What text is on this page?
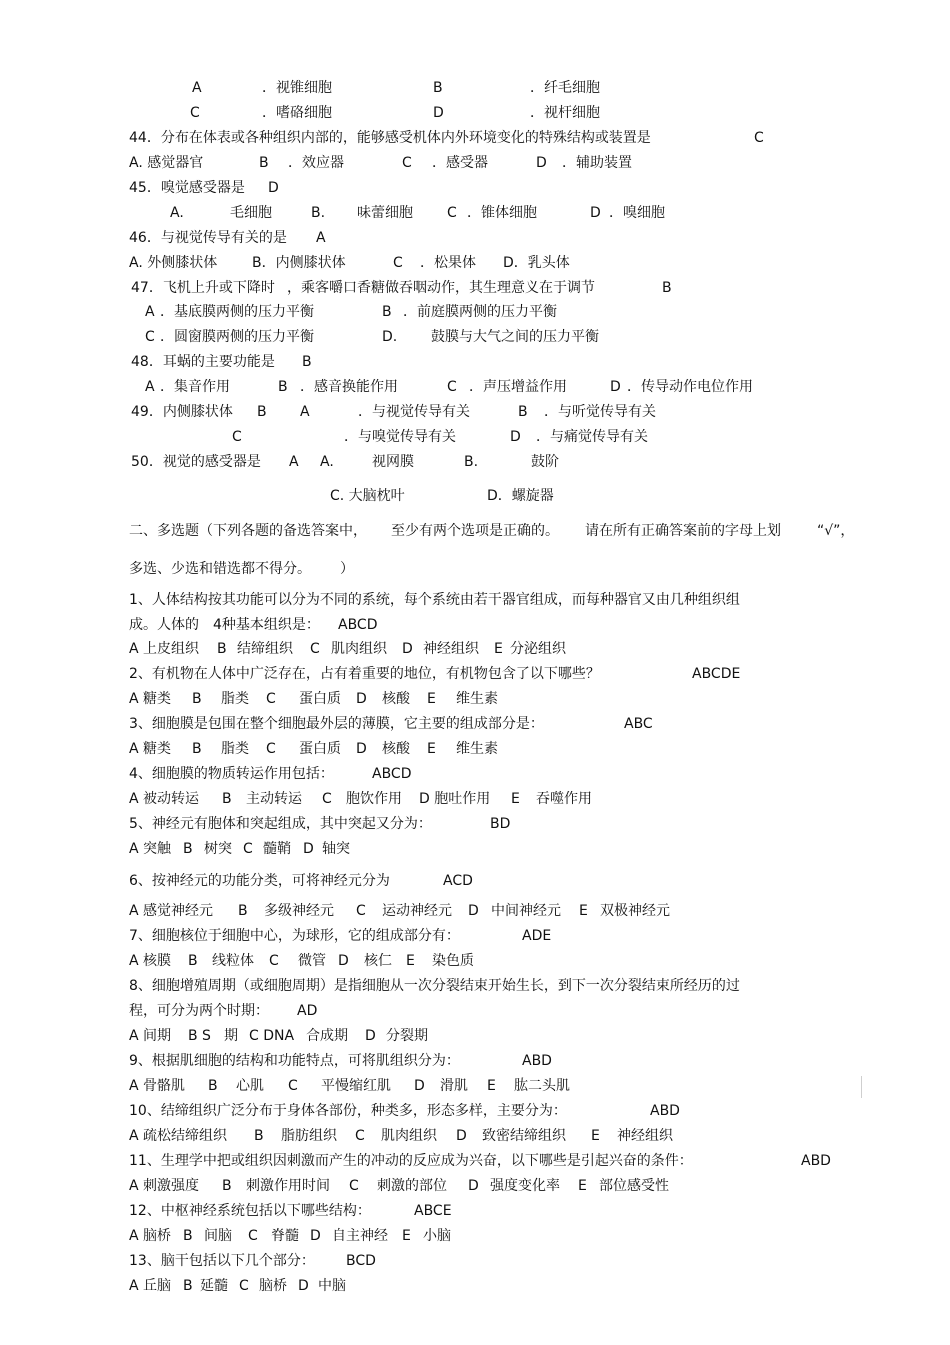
A	．视锥细胞	B	．纤毛细胞
C	．嗜硌细胞	D	．视杆细胞
44．分布在体表或各种组织内部的，能够感受机体内外环境变化的特殊结构或装置是	C
A. 感觉器官	B ．效应器	C ．感受器	D ．辅助装置
45．嗅觉感受器是 D
A.	毛细胞	B. 味蕾细胞 C ．锥体细胞	D ．嗅细胞
46．与视觉传导有关的是 A
A. 外侧膝状体 B．内侧膝状体	C ．松果体 D．乳头体
47．飞机上升或下降时 ，乘客嚼口香糖做吞咽动作，其生理意义在于调节	B
A ．基底膜两侧的压力平衡	B ．前庭膜两侧的压力平衡
C ．圆窗膜两侧的压力平衡	D. 鼓膜与大气之间的压力平衡
48．耳蜗的主要功能是 B
A ．集音作用	B ．感音换能作用	C ．声压增益作用	D ．传导动作电位作用
49．内侧膝状体 B A	．与视觉传导有关	B ．与听觉传导有关
C	．与嗅觉传导有关	D ．与痛觉传导有关
50．视觉的感受器是 A A.	视网膜	B.	鼓阶
C. 大脑枕叶	D．螺旋器
二、多选题（下列各题的备选答案中， 至少有两个选项是正确的。 请在所有正确答案前的字母上划	“√”，
多选、少选和错选都不得分。 ）
1、人体结构按其功能可以分为不同的系统，每个系统由若干器官组成，而每种器官又由几种组织组
成。人体的 4种基本组织是： ABCD
A 上皮组织 B 结缔组织 C 肌肉组织 D 神经组织 E 分泌组织
2、有机物在人体中广泛存在，占有着重要的地位，有机物包含了以下哪些？	ABCDE
A 糖类 B 脂类 C 蛋白质 D 核酸 E 维生素
3、细胞膜是包围在整个细胞最外层的薄膜，它主要的组成部分是：	ABC
A 糖类 B 脂类 C 蛋白质 D 核酸 E 维生素
4、细胞膜的物质转运作用包括：	ABCD
A 被动转运 B 主动转运 C 胞饮作用 D 胞吐作用 E 吞噬作用
5、神经元有胞体和突起组成，其中突起又分为：	BD
A 突触 B 树突 C 髓鞘 D 轴突
6、按神经元的功能分类，可将神经元分为	ACD
A 感觉神经元 B 多级神经元 C 运动神经元 D 中间神经元 E 双极神经元
7、细胞核位于细胞中心，为球形，它的组成部分有：	ADE
A 核膜 B 线粒体 C 微管 D 核仁 E 染色质
8、细胞增殖周期（或细胞周期）是指细胞从一次分裂结束开始生长，到下一次分裂结束所经历的过
程，可分为两个时期： AD
A 间期 B S 期 C DNA 合成期 D 分裂期
9、根据肌细胞的结构和功能特点，可将肌组织分为：	ABD
A 骨骼肌 B 心肌 C 平慢缩红肌 D 滑肌 E 肱二头肌
10、结缔组织广泛分布于身体各部份，种类多，形态多样，主要分为：	ABD
A 疏松结缔组织 B 脂肪组织 C 肌肉组织 D 致密结缔组织 E 神经组织
11、生理学中把或组织因刺激而产生的冲动的反应成为兴奋，以下哪些是引起兴奋的条件：	ABD
A 刺激强度 B 刺激作用时间 C 刺激的部位 D 强度变化率 E 部位感受性
12、中枢神经系统包括以下哪些结构：	ABCE
A 脑桥 B 间脑 C 脊髓 D 自主神经 E 小脑
13、脑干包括以下几个部分： BCD
A 丘脑 B 延髓 C 脑桥 D 中脑
